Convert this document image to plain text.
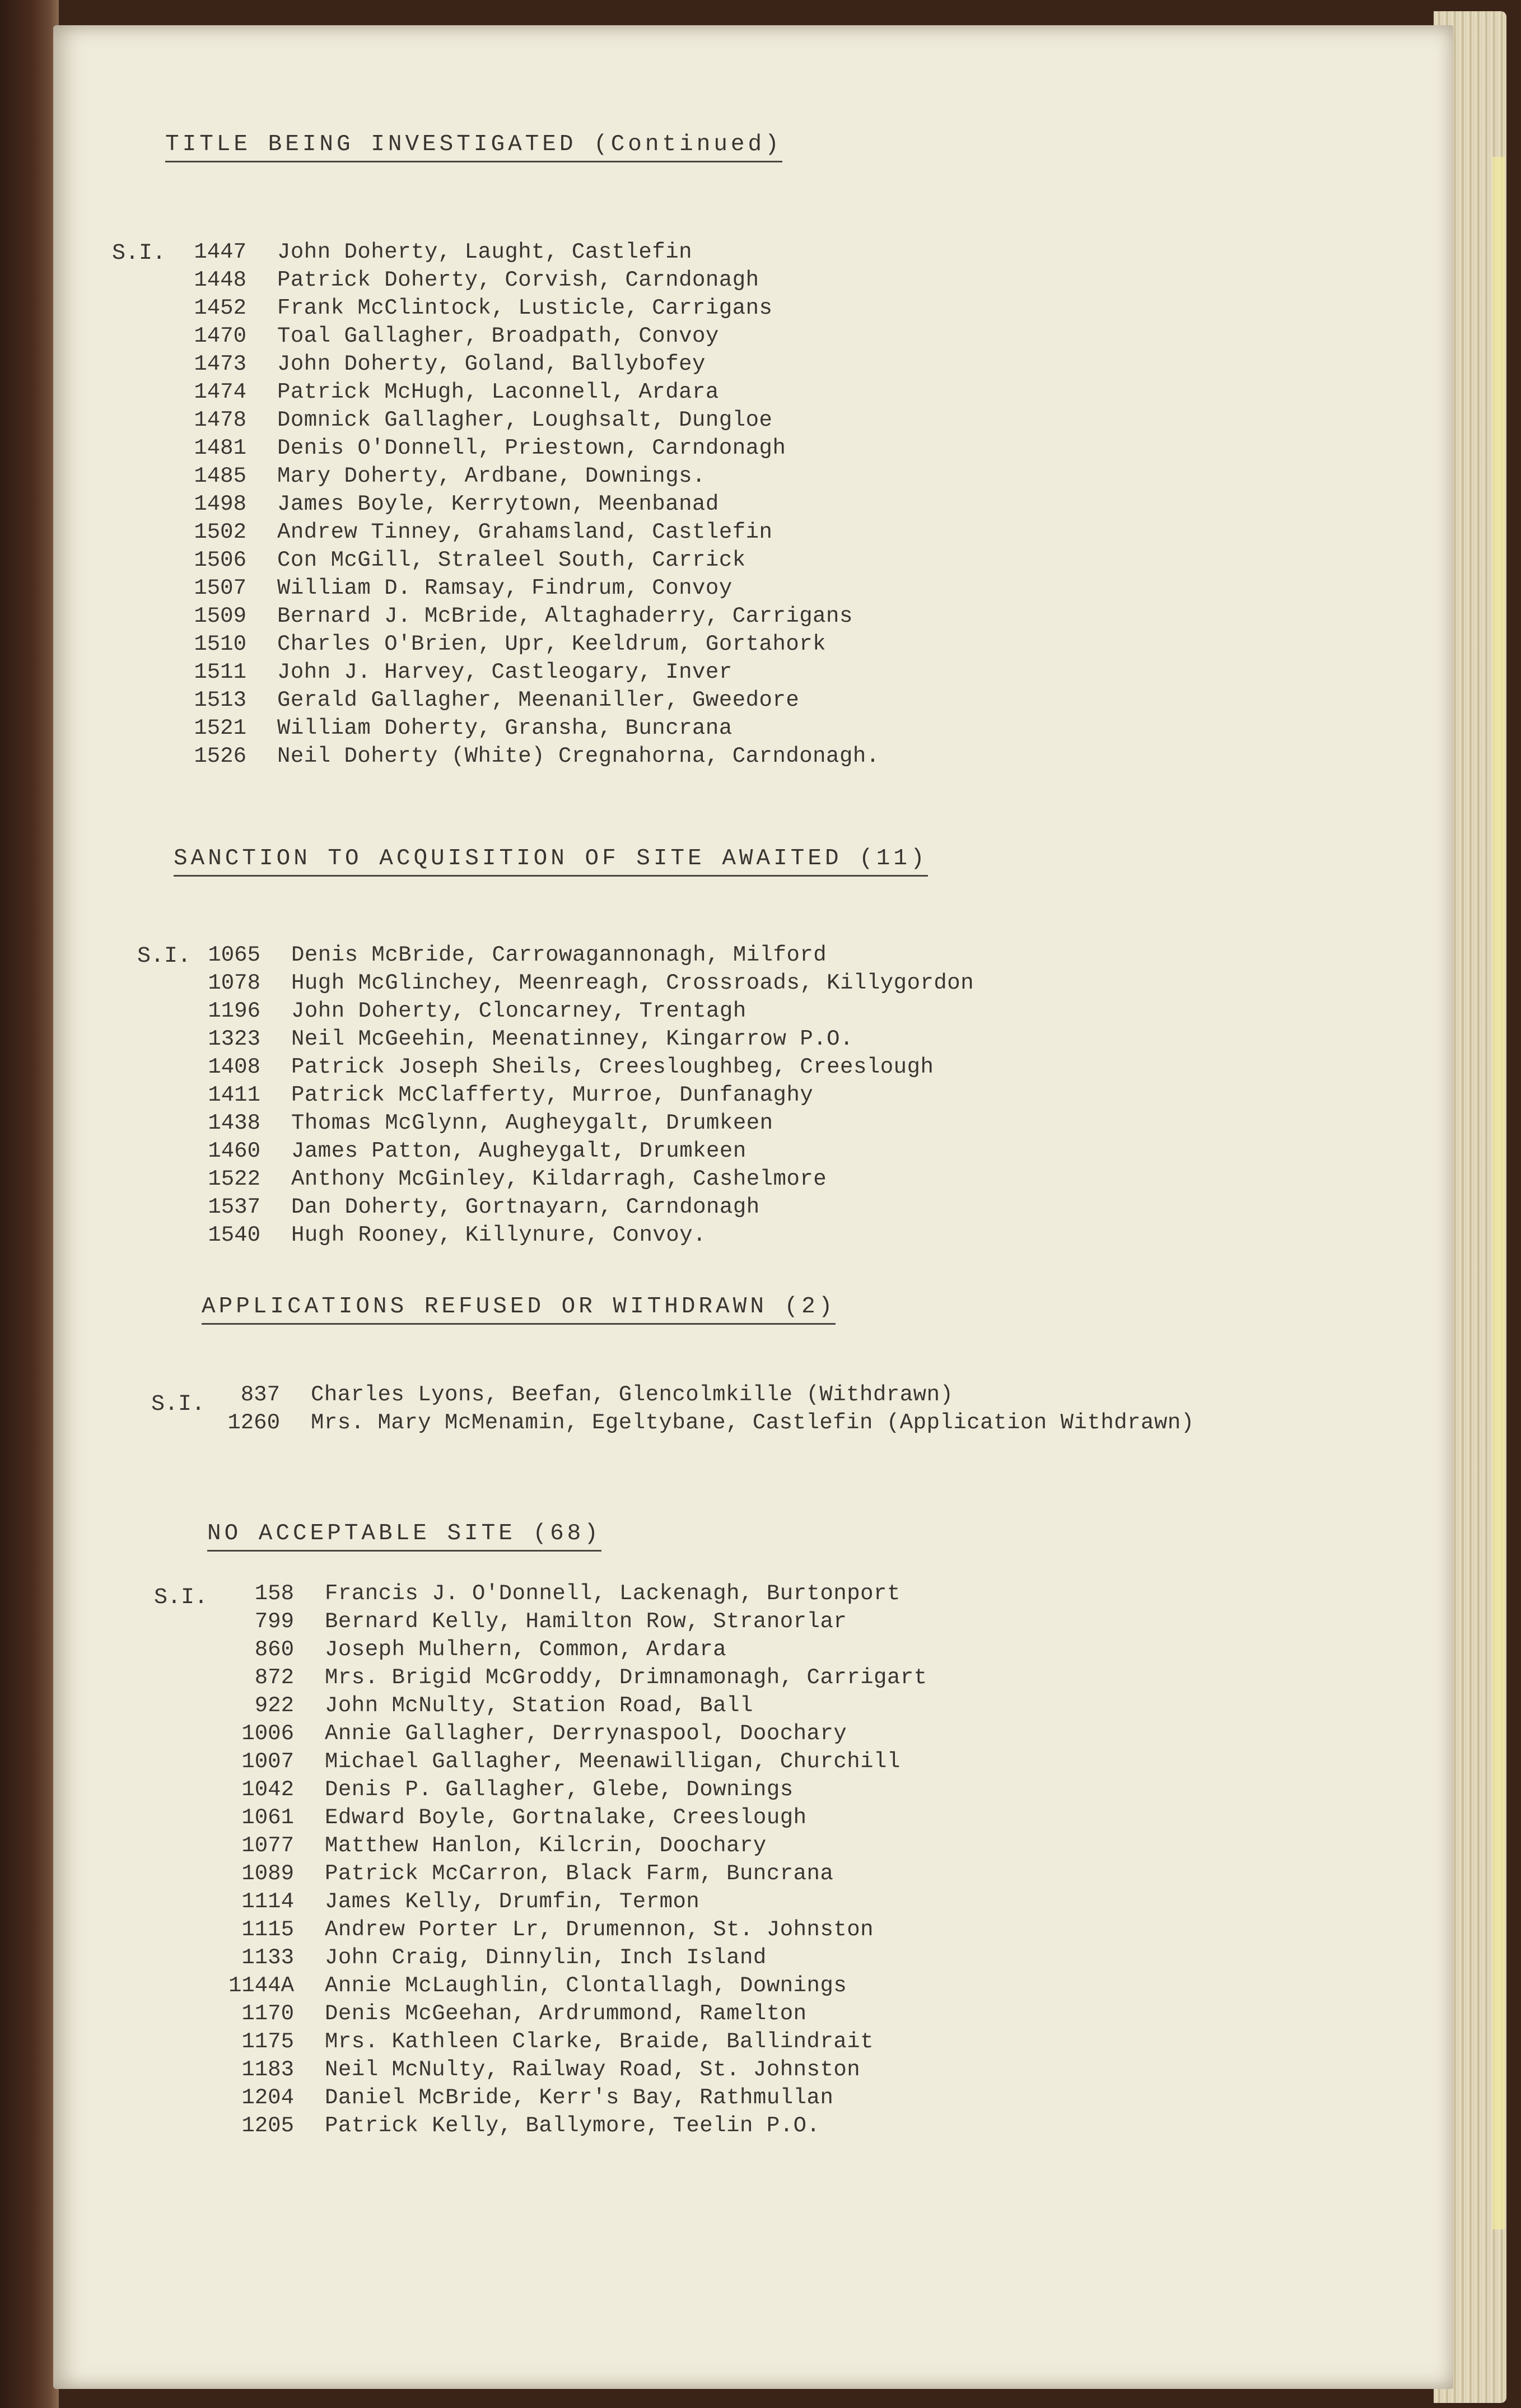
TITLE BEING INVESTIGATED (Continued)
S.I.	1447	John Doherty, Laught, Castlefin
1448	Patrick Doherty, Corvish, Carndonagh
1452	Frank McClintock, Lusticle, Carrigans
1470	Toal Gallagher, Broadpath, Convoy
1473	John Doherty, Goland, Ballybofey
1474	Patrick McHugh, Laconnell, Ardara
1478	Domnick Gallagher, Loughsalt, Dungloe
1481	Denis O'Donnell, Priestown, Carndonagh
1485	Mary Doherty, Ardbane, Downings.
1498	James Boyle, Kerrytown, Meenbanad
1502	Andrew Tinney, Grahamsland, Castlefin
1506	Con McGill, Straleel South, Carrick
1507	William D. Ramsay, Findrum, Convoy
1509	Bernard J. McBride, Altaghaderry, Carrigans
1510	Charles O'Brien, Upr, Keeldrum, Gortahork
1511	John J. Harvey, Castleogary, Inver
1513	Gerald Gallagher, Meenaniller, Gweedore
1521	William Doherty, Gransha, Buncrana
1526	Neil Doherty (White) Cregnahorna, Carndonagh.
SANCTION TO ACQUISITION OF SITE AWAITED (11)
S.I. 1065	Denis McBride, Carrowagannonagh, Milford
1078	Hugh McGlinchey, Meenreagh, Crossroads, Killygordon
1196	John Doherty, Cloncarney, Trentagh
1323	Neil McGeehin, Meenatinney, Kingarrow P.O.
1408	Patrick Joseph Sheils, Creesloughbeg, Creeslough
1411	Patrick McClafferty, Murroe, Dunfanaghy
1438	Thomas McGlynn, Augheygalt, Drumkeen
1460	James Patton, Augheygalt, Drumkeen
1522	Anthony McGinley, Kildarragh, Cashelmore
1537	Dan Doherty, Gortnayarn, Carndonagh
1540	Hugh Rooney, Killynure, Convoy.
APPLICATIONS REFUSED OR WITHDRAWN (2)
S.I.	837	Charles Lyons, Beefan, Glencolmkille (Withdrawn)
1260	Mrs. Mary McMenamin, Egeltybane, Castlefin (Application Withdrawn)
NO ACCEPTABLE SITE (68)
S.I.	158	Francis J. O'Donnell, Lackenagh, Burtonport
799	Bernard Kelly, Hamilton Row, Stranorlar
860	Joseph Mulhern, Common, Ardara
872	Mrs. Brigid McGroddy, Drimnamonagh, Carrigart
922	John McNulty, Station Road, Ball
1006	Annie Gallagher, Derrynaspool, Doochary
1007	Michael Gallagher, Meenawilligan, Churchill
1042	Denis P. Gallagher, Glebe, Downings
1061	Edward Boyle, Gortnalake, Creeslough
1077	Matthew Hanlon, Kilcrin, Doochary
1089	Patrick McCarron, Black Farm, Buncrana
1114	James Kelly, Drumfin, Termon
1115	Andrew Porter Lr, Drumennon, St. Johnston
1133	John Craig, Dinnylin, Inch Island
1144A	Annie McLaughlin, Clontallagh, Downings
1170	Denis McGeehan, Ardrummond, Ramelton
1175	Mrs. Kathleen Clarke, Braide, Ballindrait
1183	Neil McNulty, Railway Road, St. Johnston
1204	Daniel McBride, Kerr's Bay, Rathmullan
1205	Patrick Kelly, Ballymore, Teelin P.O.
